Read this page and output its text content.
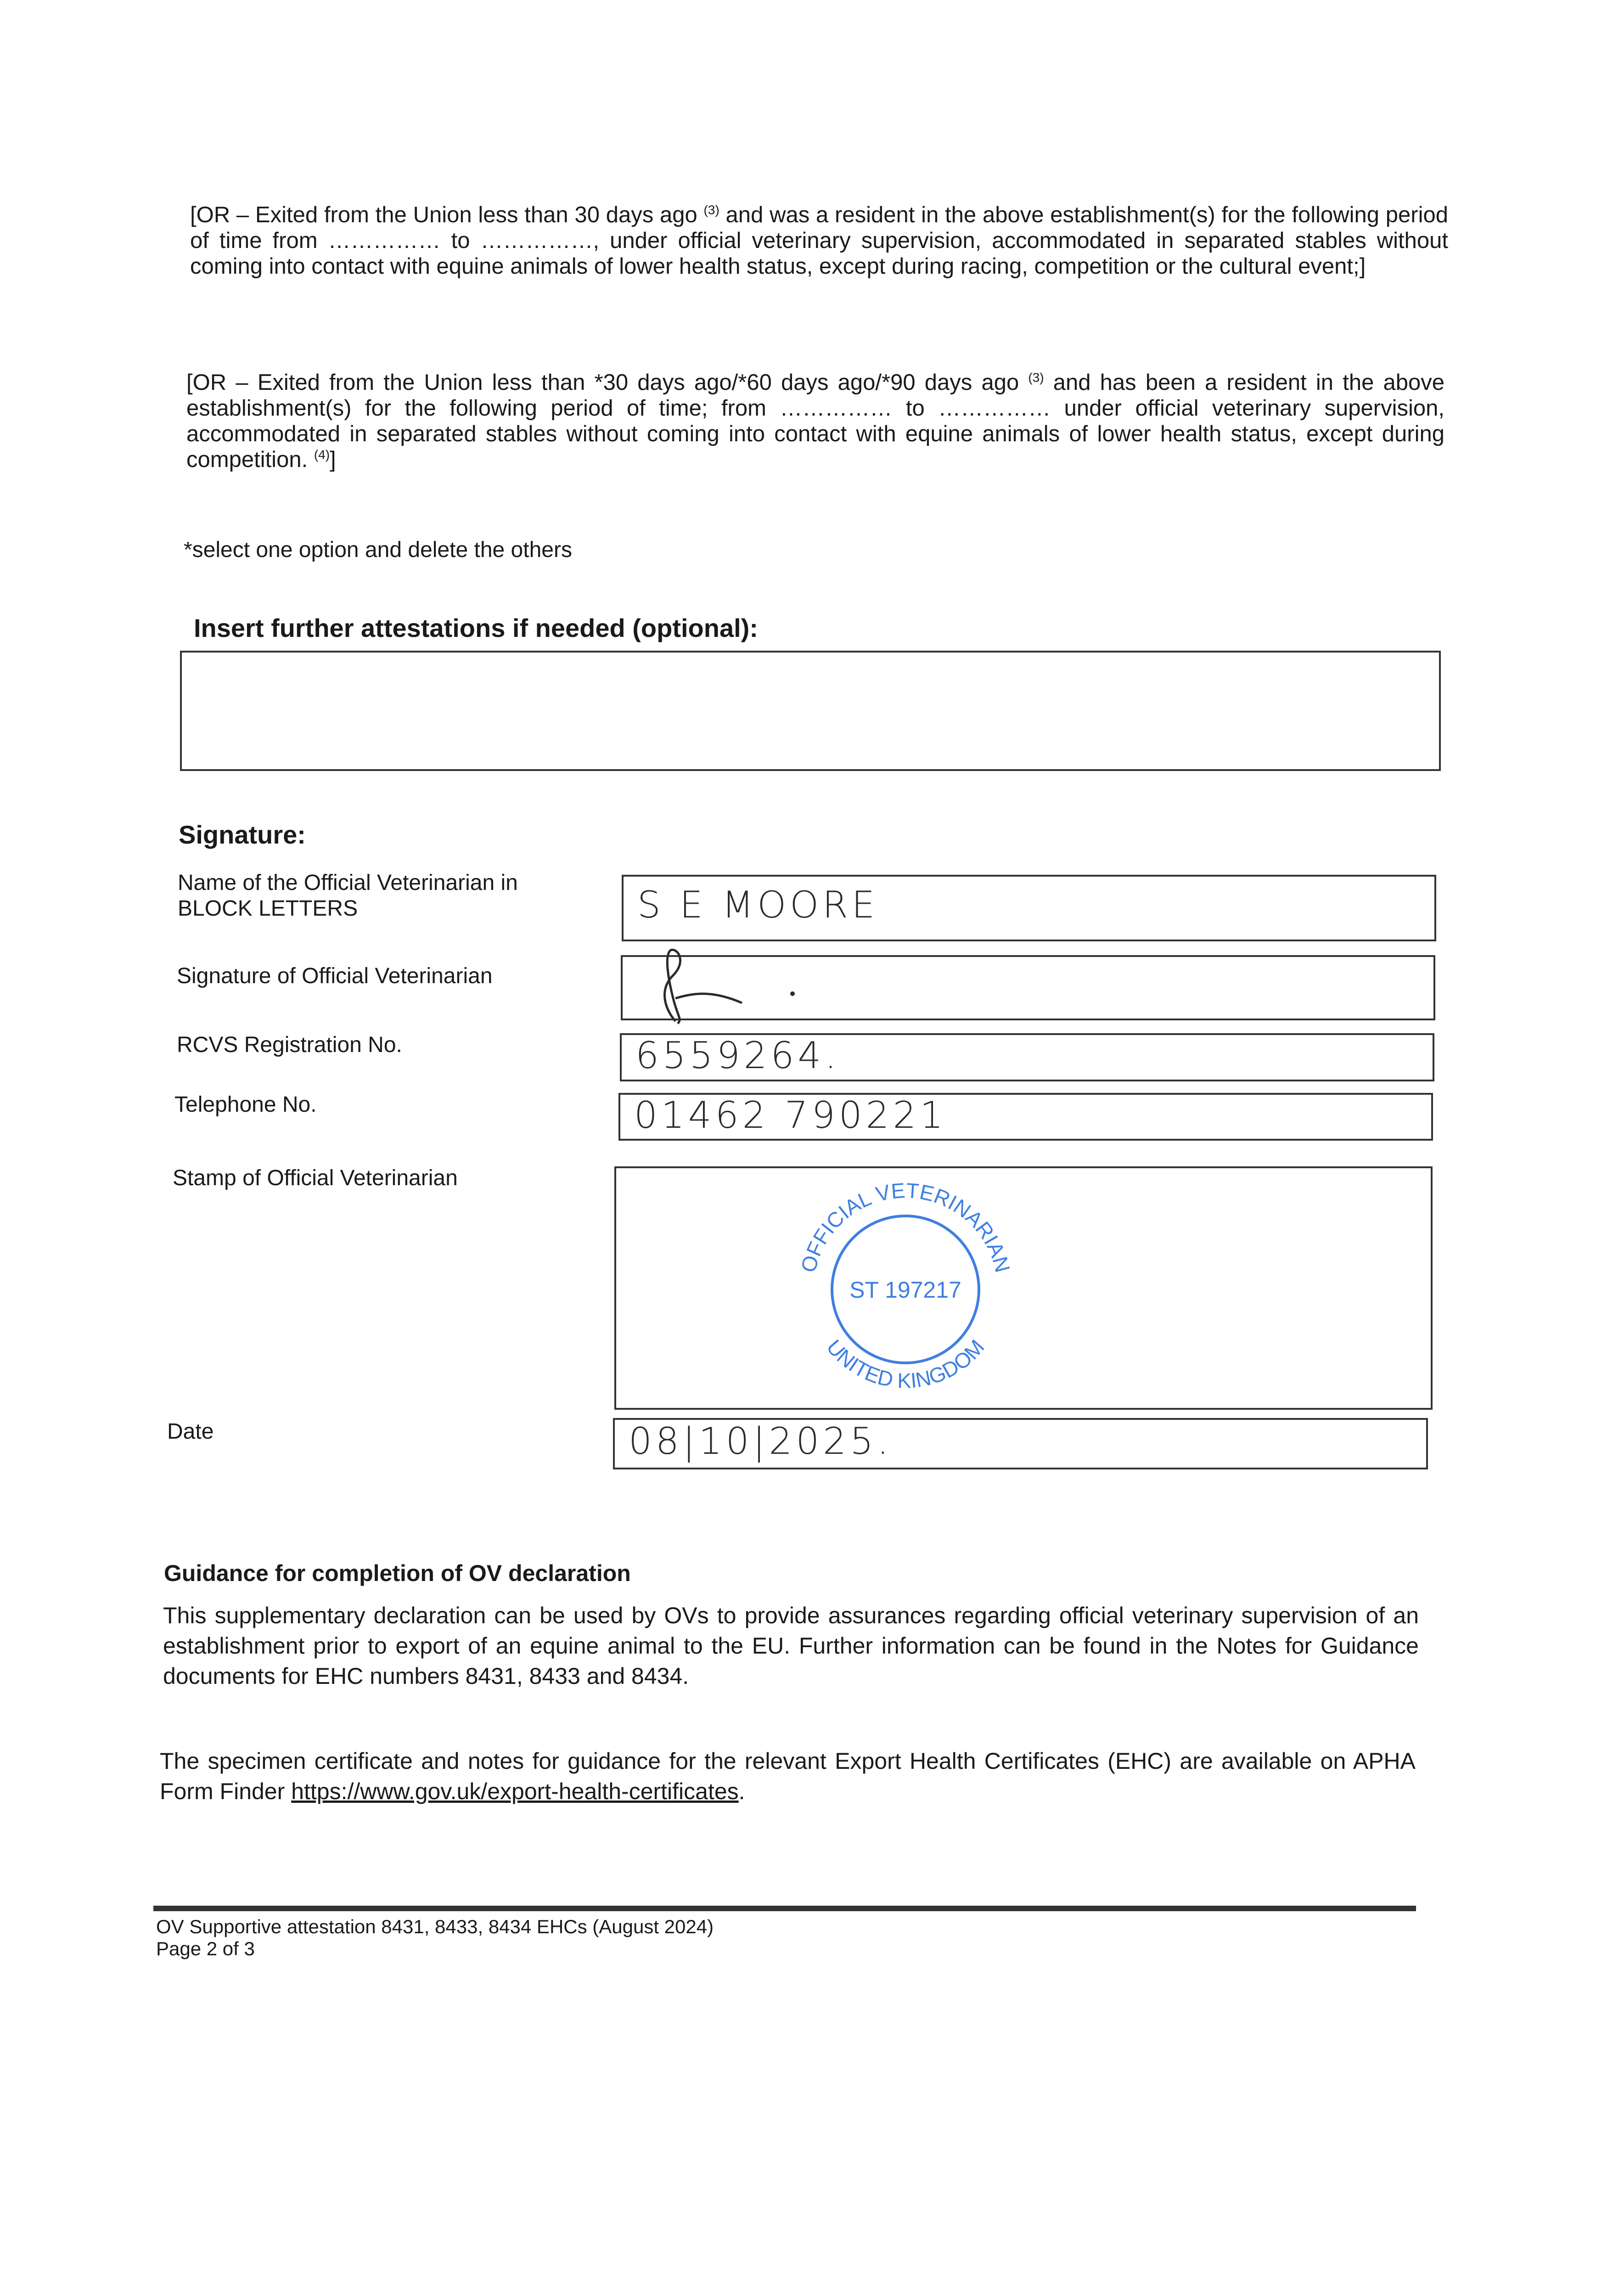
[OR – Exited from the Union less than 30 days ago $^{(3)}$ and was a resident in the above establishment(s) for the following period of time from …………… to ……………, under official veterinary supervision, accommodated in separated stables without coming into contact with equine animals of lower health status, except during racing, competition or the cultural event;]
[OR – Exited from the Union less than *30 days ago/*60 days ago/*90 days ago $^{(3)}$ and has been a resident in the above establishment(s) for the following period of time; from …………… to …………… under official veterinary supervision, accommodated in separated stables without coming into contact with equine animals of lower health status, except during competition. $^{(4)}$]
*select one option and delete the others
Insert further attestations if needed (optional):
Signature:
Name of the Official Veterinarian in BLOCK LETTERS	S E MOORE
Signature of Official Veterinarian
RCVS Registration No.	6559264.
Telephone No.	01462 790221
Stamp of Official Veterinarian
OFFICIAL VETERINARIAN
UNITED KINGDOM
ST 197217
Date	08|10|2025.
Guidance for completion of OV declaration
This supplementary declaration can be used by OVs to provide assurances regarding official veterinary supervision of an establishment prior to export of an equine animal to the EU. Further information can be found in the Notes for Guidance documents for EHC numbers 8431, 8433 and 8434.
The specimen certificate and notes for guidance for the relevant Export Health Certificates (EHC) are available on APHA Form Finder https://www.gov.uk/export-health-certificates.
OV Supportive attestation 8431, 8433, 8434 EHCs (August 2024)
Page 2 of 3
